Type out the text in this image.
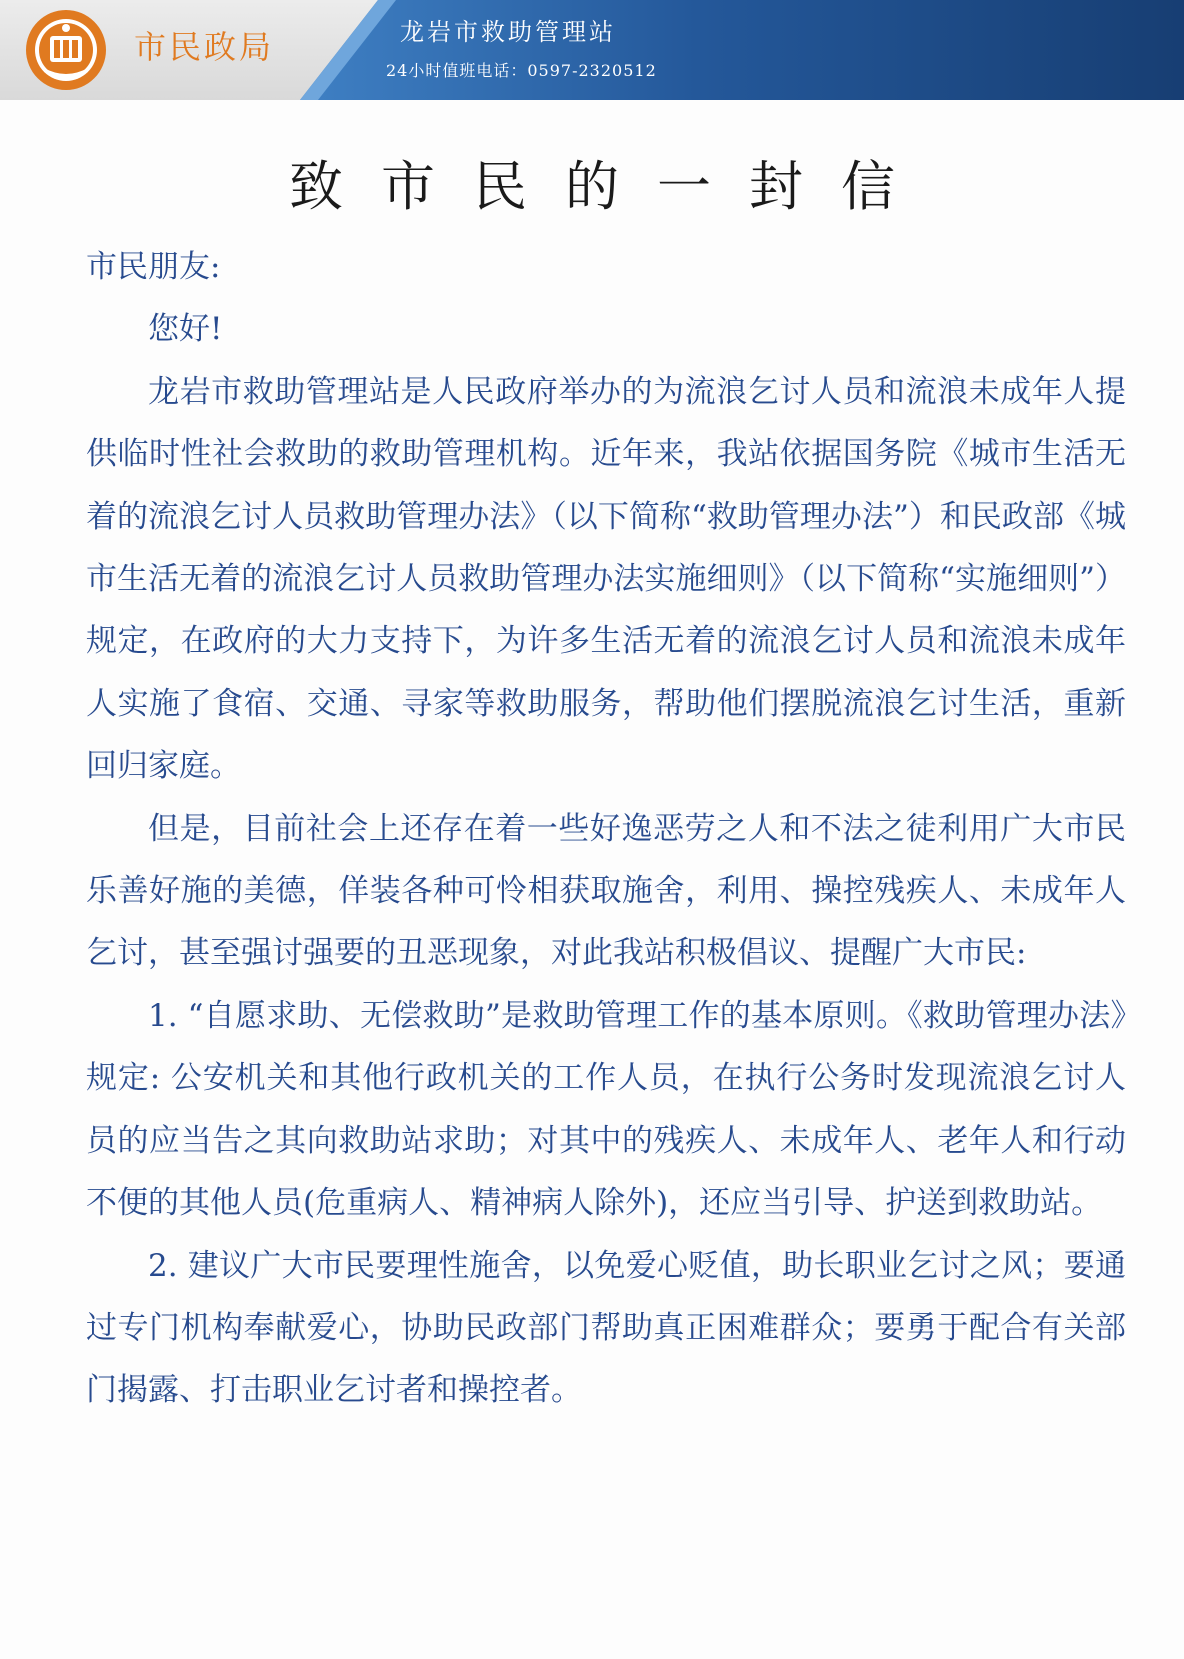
市民政局	龙岩市救助管理站
24小时值班电话：0597-2320512
致市民的一封信

市民朋友:

您好!

龙岩市救助管理站是人民政府举办的为流浪乞讨人员和流浪未成年人提供临时性社会救助的救助管理机构。近年来，我站依据国务院《城市生活无着的流浪乞讨人员救助管理办法》（以下简称“救助管理办法”）和民政部《城市生活无着的流浪乞讨人员救助管理办法实施细则》（以下简称“实施细则”）规定，在政府的大力支持下，为许多生活无着的流浪乞讨人员和流浪未成年人实施了食宿、交通、寻家等救助服务，帮助他们摆脱流浪乞讨生活，重新回归家庭。

但是，目前社会上还存在着一些好逸恶劳之人和不法之徒利用广大市民乐善好施的美德，佯装各种可怜相获取施舍，利用、操控残疾人、未成年人乞讨，甚至强讨强要的丑恶现象，对此我站积极倡议、提醒广大市民:

1. “自愿求助、无偿救助”是救助管理工作的基本原则。《救助管理办法》规定: 公安机关和其他行政机关的工作人员，在执行公务时发现流浪乞讨人员的应当告之其向救助站求助；对其中的残疾人、未成年人、老年人和行动不便的其他人员(危重病人、精神病人除外)，还应当引导、护送到救助站。

2. 建议广大市民要理性施舍，以免爱心贬值，助长职业乞讨之风；要通过专门机构奉献爱心，协助民政部门帮助真正困难群众；要勇于配合有关部门揭露、打击职业乞讨者和操控者。
